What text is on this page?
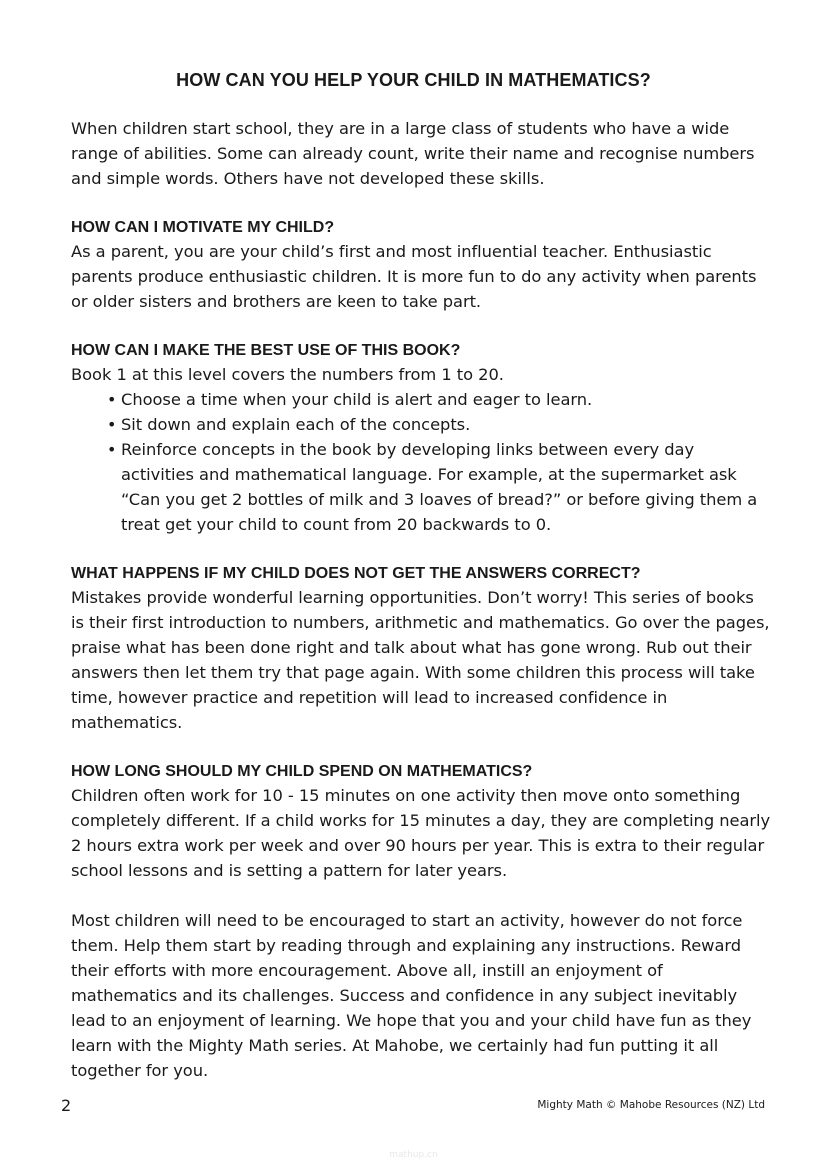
HOW CAN YOU HELP YOUR CHILD IN MATHEMATICS?

When children start school, they are in a large class of students who have a wide range of abilities. Some can already count, write their name and recognise numbers and simple words. Others have not developed these skills.

HOW CAN I MOTIVATE MY CHILD?

As a parent, you are your child’s first and most influential teacher. Enthusiastic parents produce enthusiastic children. It is more fun to do any activity when parents or older sisters and brothers are keen to take part.

HOW CAN I MAKE THE BEST USE OF THIS BOOK?

Book 1 at this level covers the numbers from 1 to 20.

• Choose a time when your child is alert and eager to learn.
• Sit down and explain each of the concepts.
• Reinforce concepts in the book by developing links between every day activities and mathematical language. For example, at the supermarket ask “Can you get 2 bottles of milk and 3 loaves of bread?” or before giving them a treat get your child to count from 20 backwards to 0.
WHAT HAPPENS IF MY CHILD DOES NOT GET THE ANSWERS CORRECT?

Mistakes provide wonderful learning opportunities. Don’t worry! This series of books is their first introduction to numbers, arithmetic and mathematics. Go over the pages, praise what has been done right and talk about what has gone wrong. Rub out their answers then let them try that page again. With some children this process will take time, however practice and repetition will lead to increased confidence in mathematics.

HOW LONG SHOULD MY CHILD SPEND ON MATHEMATICS?

Children often work for 10 - 15 minutes on one activity then move onto something completely different. If a child works for 15 minutes a day, they are completing nearly 2 hours extra work per week and over 90 hours per year. This is extra to their regular school lessons and is setting a pattern for later years.

Most children will need to be encouraged to start an activity, however do not force them. Help them start by reading through and explaining any instructions. Reward their efforts with more encouragement. Above all, instill an enjoyment of mathematics and its challenges. Success and confidence in any subject inevitably lead to an enjoyment of learning. We hope that you and your child have fun as they learn with the Mighty Math series. At Mahobe, we certainly had fun putting it all together for you.

2	Mighty Math © Mahobe Resources (NZ) Ltd
mathup.cn
